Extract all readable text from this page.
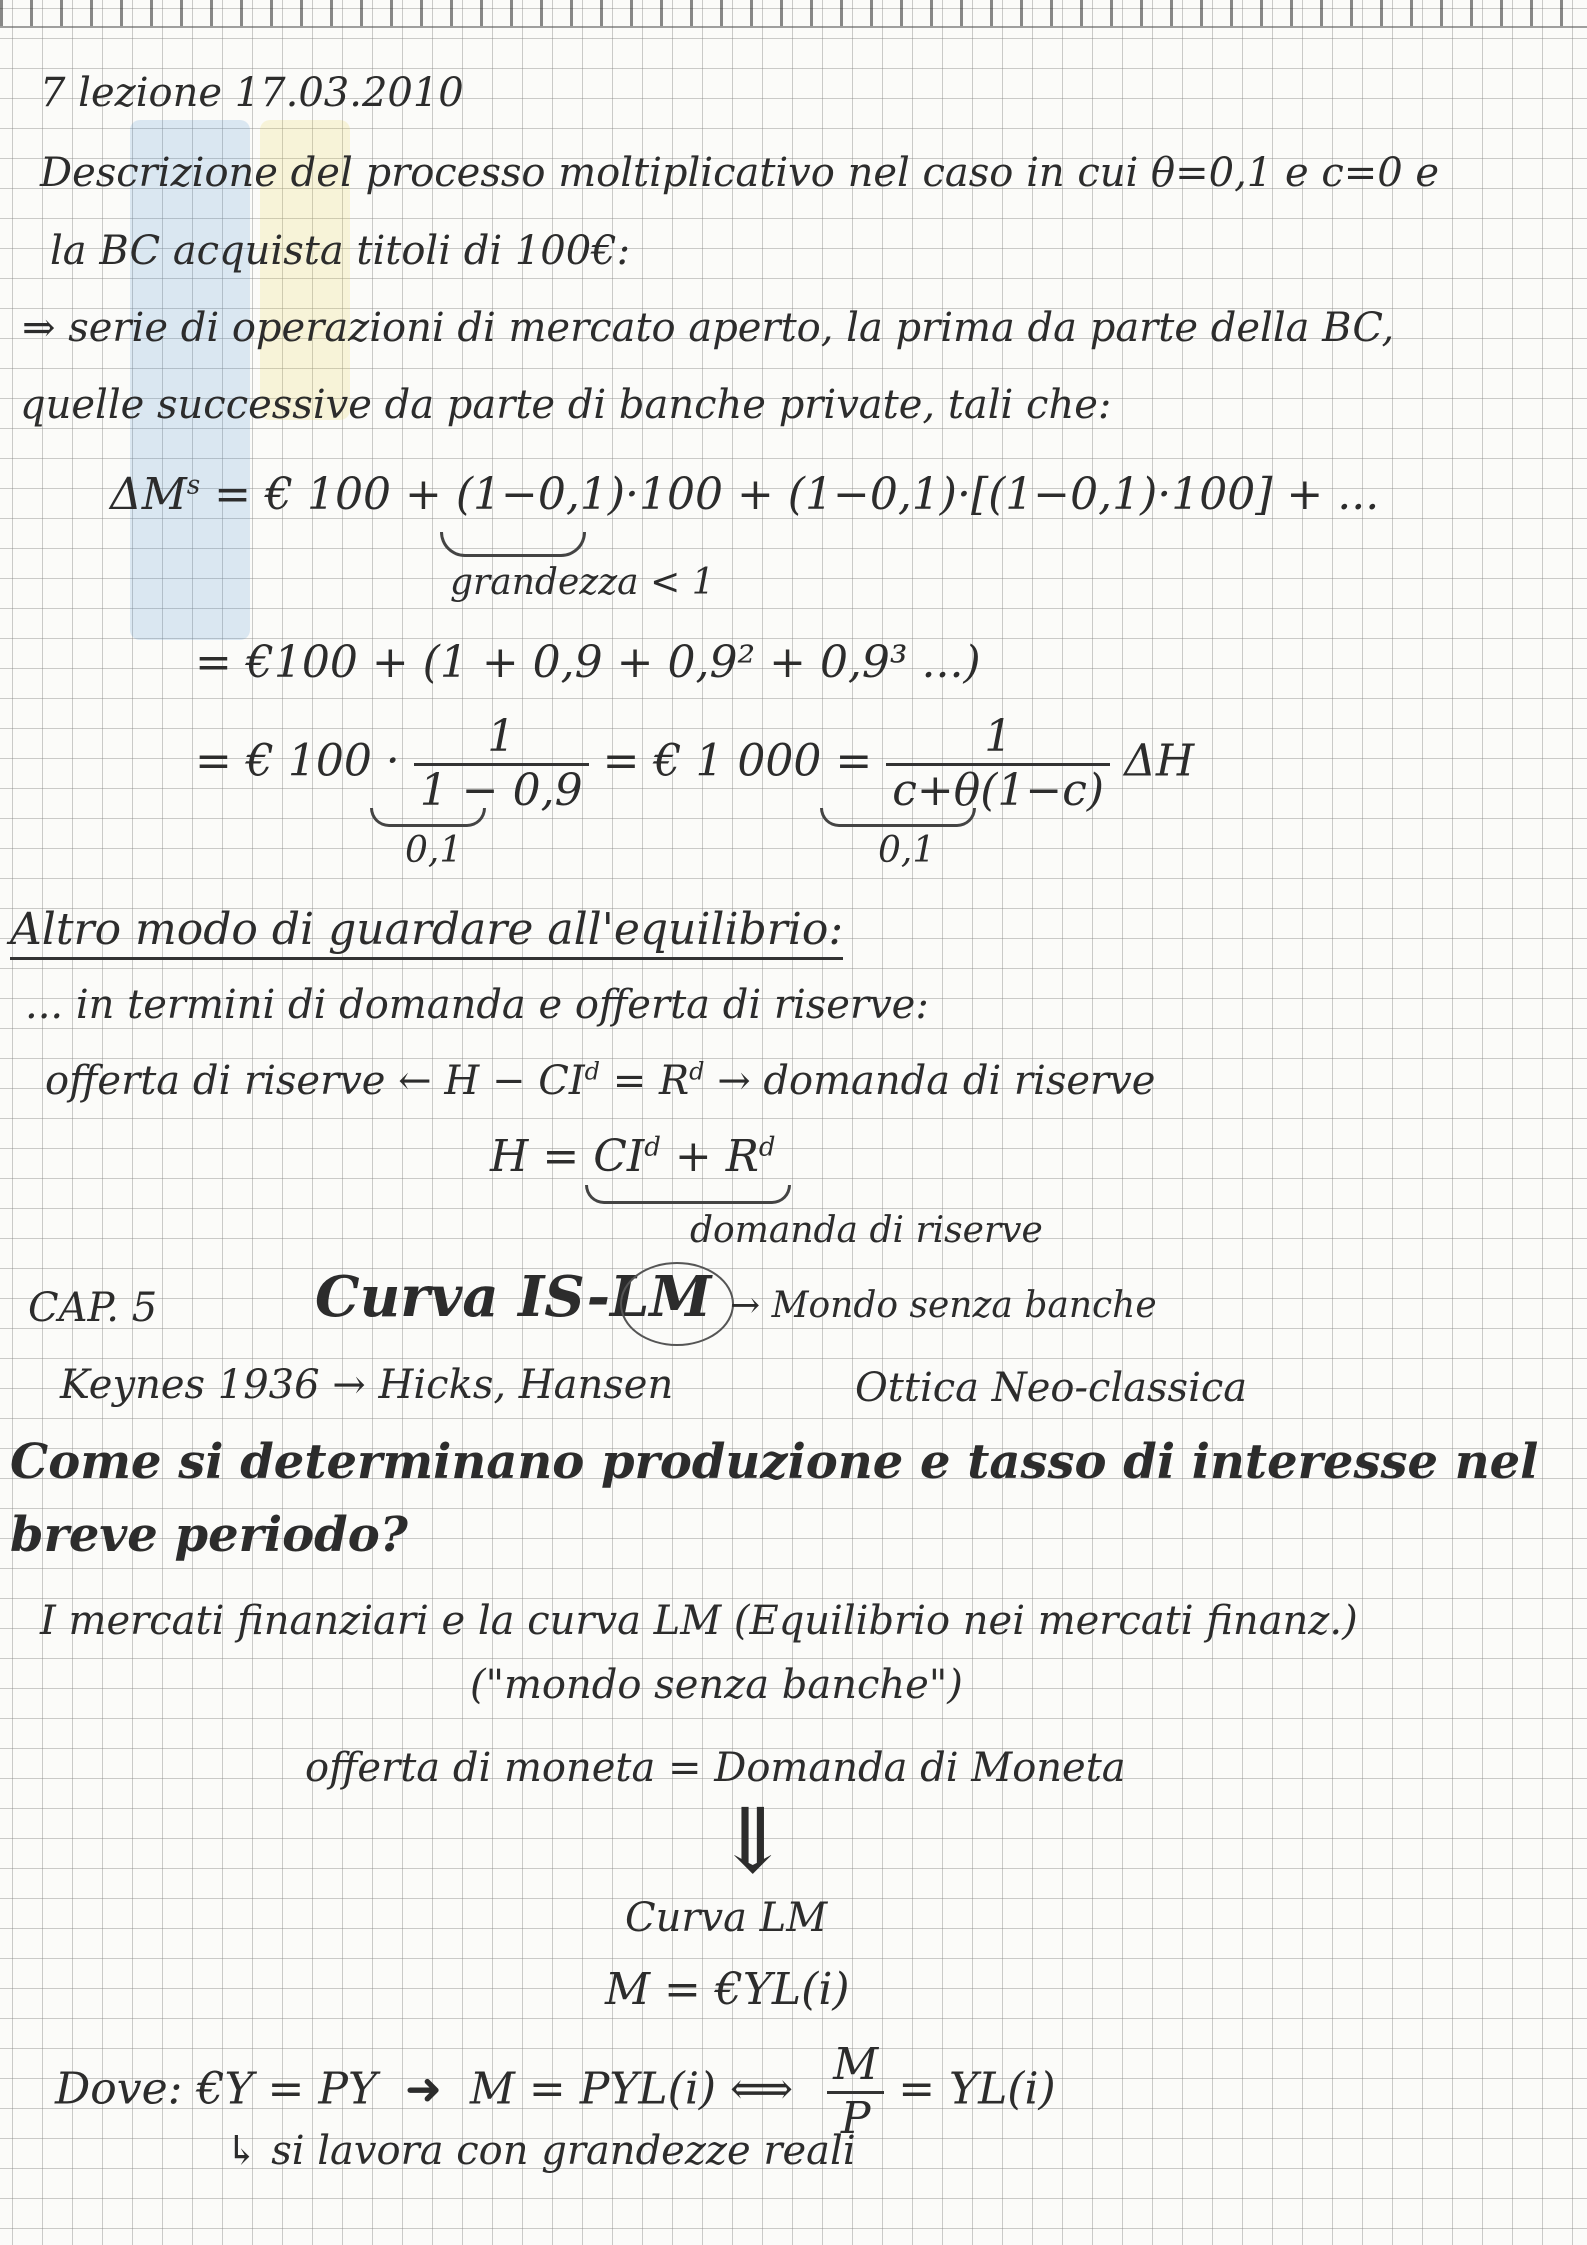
7 lezione 17.03.2010
Descrizione del processo moltiplicativo nel caso in cui θ=0,1 e c=0 e
la BC acquista titoli di 100€:
⇒ serie di operazioni di mercato aperto, la prima da parte della BC,
quelle successive da parte di banche private, tali che:
$\Delta M^s$ = € 100 + (1−0,1)·100 + (1−0,1)·[(1−0,1)·100] + ...
grandezza < 1
= €100 + (1 + 0,9 + 0,9² + 0,9³ ...)
= € $100 \cdot \frac{1}{1 - 0,9}$ = € 1 $000 = \frac{1}{c+\theta(1-c)}$ ΔH
0,1	0,1
Altro modo di guardare all'equilibrio:
... in termini di domanda e offerta di riserve:
offerta di riserve ← $H - CI^d = R^d$ → domanda di riserve
$H = CI^d + R^d$
domanda di riserve
CAP. 5	Curva IS-LM → Mondo senza banche
Keynes 1936 → Hicks, Hansen	Ottica Neo-classica
Come si determinano produzione e tasso di interesse nel
breve periodo?
I mercati finanziari e la curva LM (Equilibrio nei mercati finanz.)
("mondo senza banche")
offerta di moneta = Domanda di Moneta
⇓
Curva LM
M = €YL(i)
Dove: €Y = PY ➜ M = PYL(i) ⟺ $\frac{M}{P} = YL(i)$
↳ si lavora con grandezze reali
